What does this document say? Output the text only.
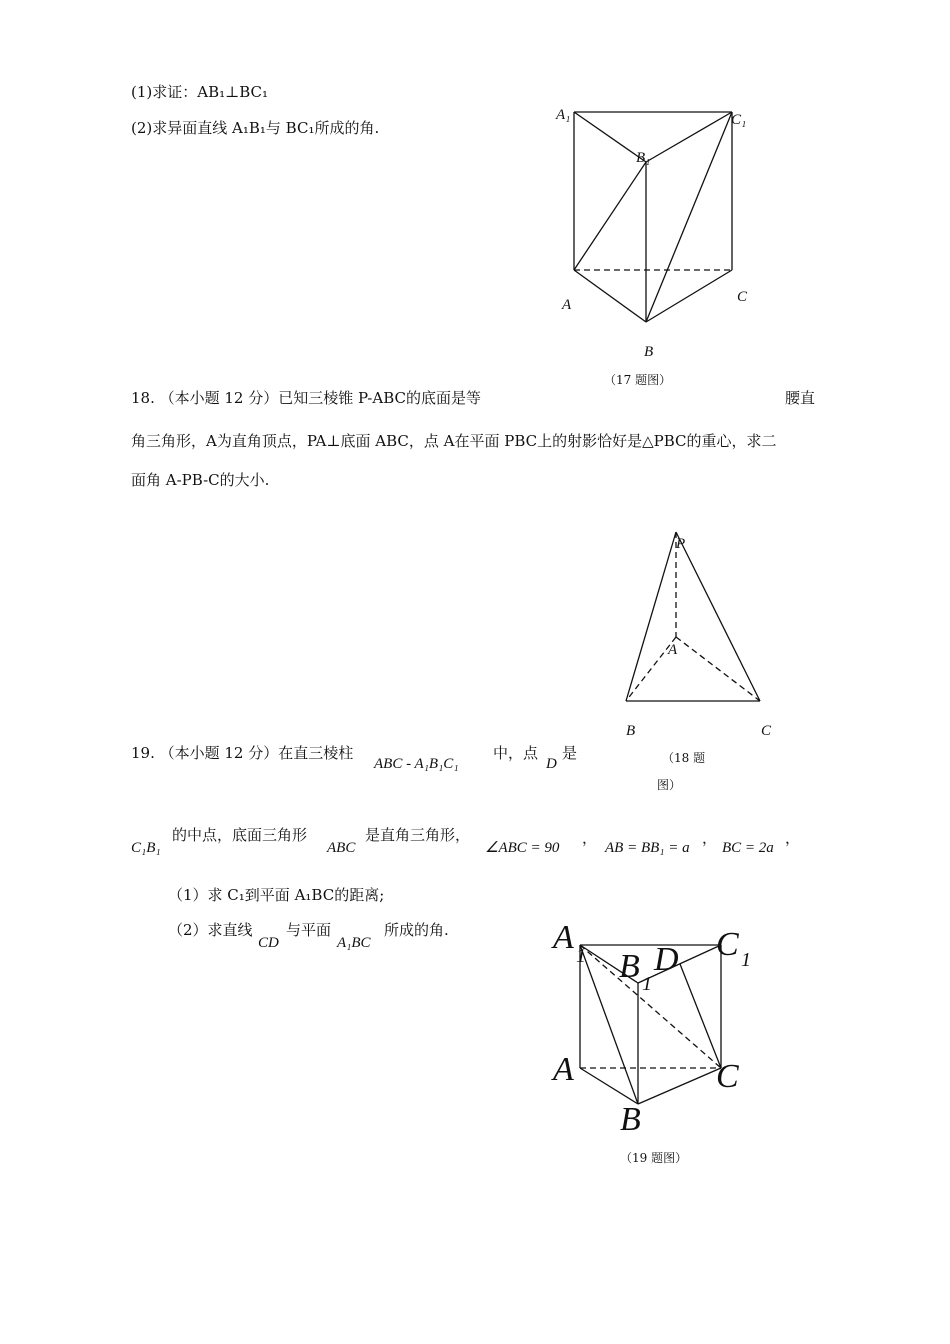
(1)求证：AB₁⊥BC₁
(2)求异面直线 A₁B₁与 BC₁所成的角.
A₁	C₁
B₁
A	C
B
（17 题图）
18. （本小题 12 分）已知三棱锥 P-ABC的底面是等	腰直
角三角形，A为直角顶点，PA⊥底面 ABC，点 A在平面 PBC上的射影恰好是△PBC的重心，求二
面角 A-PB-C的大小.
P
A
B	C
（18 题
图）
19. （本小题 12 分）在直三棱柱
ABC - A₁B₁C₁
中，点
D
是
C₁B₁
的中点，底面三角形
ABC
是直角三角形，
∠ABC = 90
，
AB = BB₁ = a
，
BC = 2a
，
（1）求 C₁到平面 A₁BC的距离;
（2）求直线
CD
与平面
A₁BC
所成的角.	A 1 B 1
D C 1
A	C
B
（19 题图）
